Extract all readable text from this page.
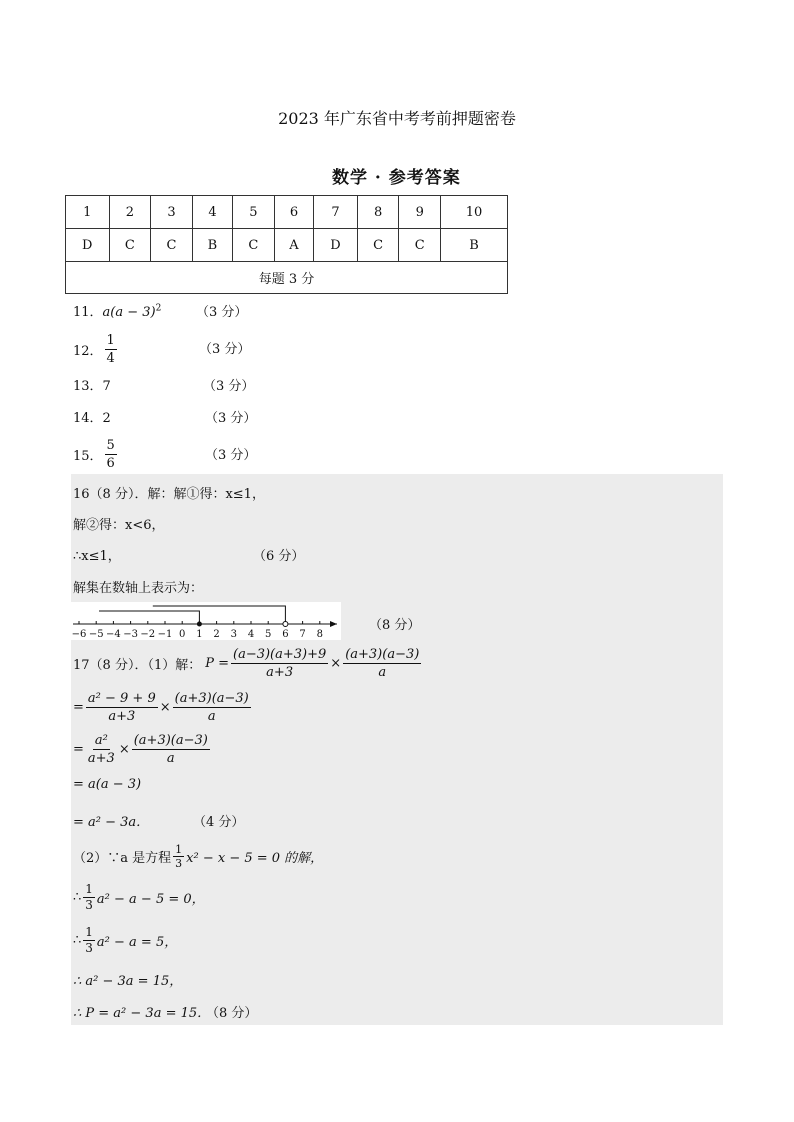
2023 年广东省中考考前押题密卷
数学 · 参考答案
1	2	3	4	5	6	7	8	9	10
D	C	C	B	C	A	D	C	C	B
每题 3 分									
11．$a(a - 3)^2$	（3 分）
12． $\frac{1}{4}$	（3 分）
13．7	（3 分）
14．2	（3 分）
15． $\frac{5}{6}$	（3 分）
16（8 分）．解：解①得：x≤1，
解②得：x<6，
∴x≤1，	（6 分）
解集在数轴上表示为：
−6 −5 −4 −3 −2 −1 0 1 2 3 4 5 6 7 8
（8 分）
17（8 分）．（1）解： $P = \frac{(a-3)(a+3)+9}{a+3} \times \frac{(a+3)(a-3)}{a}$
= $\frac{\text{a² − 9 + 9}}{a+3} \times \frac{(a+3)(a-3)}{a}$
= $\frac{\text{a²}}{a+3} \times \frac{(a+3)(a-3)}{a}$
= a(a − 3)
= a² − 3a．	（4 分）
（2）∵a 是方程 $\frac{1}{3} x^2 - x - 5 = 0$ 的解，
∴ $\frac{1}{3} a^2 - a - 5 = 0$，
∴ $\frac{1}{3} a^2 - a = 5$，
∴ a² − 3a = 15，
∴ P = a² − 3a = 15．
（8 分）
